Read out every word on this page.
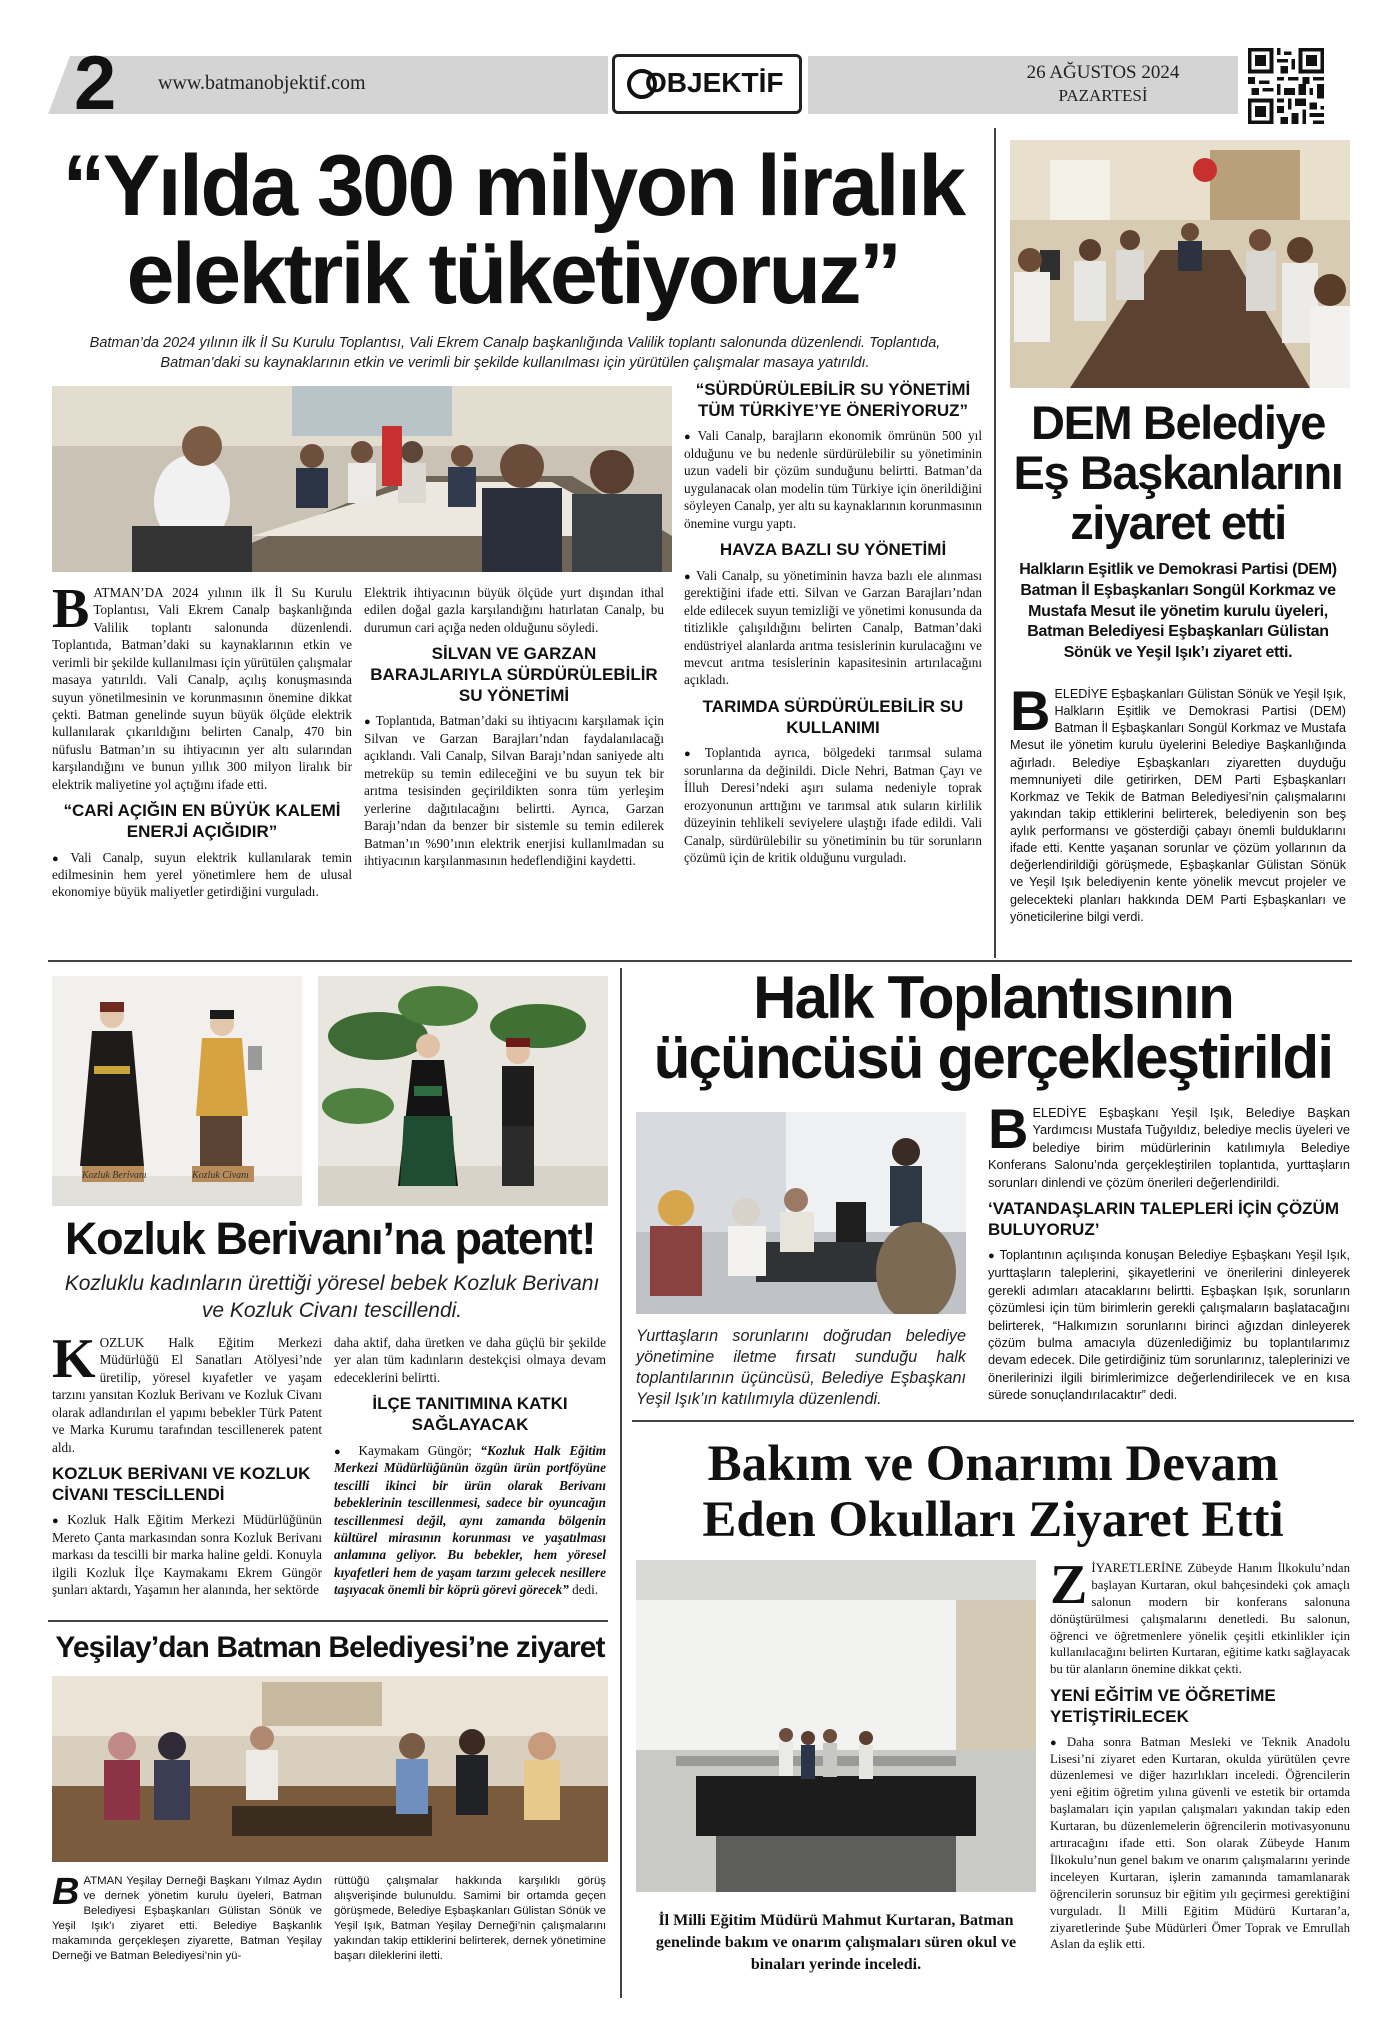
2 www.batmanobjektif.com	OBJEKTİF	26 AĞUSTOS 2024
PAZARTESİ
“Yılda 300 milyon liralık
elektrik tüketiyoruz”
Batman’da 2024 yılının ilk İl Su Kurulu Toplantısı, Vali Ekrem Canalp başkanlığında Valilik toplantı salonunda düzenlendi. Toplantıda, Batman’daki su kaynaklarının etkin ve verimli bir şekilde kullanılması için yürütülen çalışmalar masaya yatırıldı.
BATMAN’DA 2024 yılının ilk İl Su Kurulu Toplantısı, Vali Ekrem Canalp başkanlığında Valilik toplantı salonunda düzenlendi. Toplantıda, Batman’daki su kaynaklarının etkin ve verimli bir şekilde kullanılması için yürütülen çalışmalar masaya yatırıldı. Vali Canalp, açılış konuşmasında suyun yönetilmesinin ve korunmasının önemine dikkat çekti. Batman genelinde suyun büyük ölçüde elektrik kullanılarak çıkarıldığını belirten Canalp, 470 bin nüfuslu Batman’ın su ihtiyacının yer altı sularından karşılandığını ve bunun yıllık 300 milyon liralık bir elektrik maliyetine yol açtığını ifade etti.
“CARİ AÇIĞIN EN BÜYÜK KALEMİ ENERJİ AÇIĞIDIR”
● Vali Canalp, suyun elektrik kullanılarak temin edilmesinin hem yerel yönetimlere hem de ulusal ekonomiye büyük maliyetler getirdiğini vurguladı.
Elektrik ihtiyacının büyük ölçüde yurt dışından ithal edilen doğal gazla karşılandığını hatırlatan Canalp, bu durumun cari açığa neden olduğunu söyledi.
SİLVAN VE GARZAN BARAJLARIYLA SÜRDÜRÜLEBİLİR SU YÖNETİMİ
● Toplantıda, Batman’daki su ihtiyacını karşılamak için Silvan ve Garzan Barajları’ndan faydalanılacağı açıklandı. Vali Canalp, Silvan Barajı’ndan saniyede altı metreküp su temin edileceğini ve bu suyun tek bir arıtma tesisinden geçirildikten sonra tüm yerleşim yerlerine dağıtılacağını belirtti. Ayrıca, Garzan Barajı’ndan da benzer bir sistemle su temin edilerek Batman’ın %90’ının elektrik enerjisi kullanılmadan su ihtiyacının karşılanmasının hedeflendiğini kaydetti.
“SÜRDÜRÜLEBİLİR SU YÖNETİMİ TÜM TÜRKİYE’YE ÖNERİYORUZ”
● Vali Canalp, barajların ekonomik ömrünün 500 yıl olduğunu ve bu nedenle sürdürülebilir su yönetiminin uzun vadeli bir çözüm sunduğunu belirtti. Batman’da uygulanacak olan modelin tüm Türkiye için önerildiğini söyleyen Canalp, yer altı su kaynaklarının korunmasının önemine vurgu yaptı.
HAVZA BAZLI SU YÖNETİMİ
● Vali Canalp, su yönetiminin havza bazlı ele alınması gerektiğini ifade etti. Silvan ve Garzan Barajları’ndan elde edilecek suyun temizliği ve yönetimi konusunda da titizlikle çalışıldığını belirten Canalp, Batman’daki endüstriyel alanlarda arıtma tesislerinin kurulacağını ve mevcut arıtma tesislerinin kapasitesinin artırılacağını açıkladı.
TARIMDA SÜRDÜRÜLEBİLİR SU KULLANIMI
● Toplantıda ayrıca, bölgedeki tarımsal sulama sorunlarına da değinildi. Dicle Nehri, Batman Çayı ve İlluh Deresi’ndeki aşırı sulama nedeniyle toprak erozyonunun arttığını ve tarımsal atık suların kirlilik düzeyinin tehlikeli seviyelere ulaştığı ifade edildi. Vali Canalp, sürdürülebilir su yönetiminin bu tür sorunların çözümü için de kritik olduğunu vurguladı.
DEM Belediye
Eş Başkanlarını
ziyaret etti
Halkların Eşitlik ve Demokrasi Partisi (DEM) Batman İl Eşbaşkanları Songül Korkmaz ve Mustafa Mesut ile yönetim kurulu üyeleri, Batman Belediyesi Eşbaşkanları Gülistan Sönük ve Yeşil Işık’ı ziyaret etti.
BELEDİYE Eşbaşkanları Gülistan Sönük ve Yeşil Işık, Halkların Eşitlik ve Demokrasi Partisi (DEM) Batman İl Eşbaşkanları Songül Korkmaz ve Mustafa Mesut ile yönetim kurulu üyelerini Belediye Başkanlığında ağırladı. Belediye Eşbaşkanları ziyaretten duyduğu memnuniyeti dile getirirken, DEM Parti Eşbaşkanları Korkmaz ve Tekik de Batman Belediyesi’nin çalışmalarını yakından takip ettiklerini belirterek, belediyenin son beş aylık performansı ve gösterdiği çabayı önemli bulduklarını ifade etti. Kentte yaşanan sorunlar ve çözüm yollarının da değerlendirildiği görüşmede, Eşbaşkanlar Gülistan Sönük ve Yeşil Işık belediyenin kente yönelik mevcut projeler ve gelecekteki planları hakkında DEM Parti Eşbaşkanları ve yöneticilerine bilgi verdi.
Kozluk Berivanı	Kozluk Civanı
Kozluk Berivanı’na patent!
Kozluklu kadınların ürettiği yöresel bebek Kozluk Berivanı ve Kozluk Civanı tescillendi.
KOZLUK Halk Eğitim Merkezi Müdürlüğü El Sanatları Atölyesi’nde üretilip, yöresel kıyafetler ve yaşam tarzını yansıtan Kozluk Berivanı ve Kozluk Civanı olarak adlandırılan el yapımı bebekler Türk Patent ve Marka Kurumu tarafından tescillenerek patent aldı.
KOZLUK BERİVANI VE KOZLUK CİVANI TESCİLLENDİ
● Kozluk Halk Eğitim Merkezi Müdürlüğünün Mereto Çanta markasından sonra Kozluk Berivanı markası da tescilli bir marka haline geldi. Konuyla ilgili Kozluk İlçe Kaymakamı Ekrem Güngör şunları aktardı, Yaşamın her alanında, her sektörde
daha aktif, daha üretken ve daha güçlü bir şekilde yer alan tüm kadınların destekçisi olmaya devam edeceklerini belirtti.
İLÇE TANITIMINA KATKI SAĞLAYACAK
● Kaymakam Güngör; “Kozluk Halk Eğitim Merkezi Müdürlüğünün özgün ürün portföyüne tescilli ikinci bir ürün olarak Berivanı bebeklerinin tescillenmesi, sadece bir oyuncağın tescillenmesi değil, aynı zamanda bölgenin kültürel mirasının korunması ve yaşatılması anlamına geliyor. Bu bebekler, hem yöresel kıyafetleri hem de yaşam tarzını gelecek nesillere taşıyacak önemli bir köprü görevi görecek” dedi.
Yeşilay’dan Batman Belediyesi’ne ziyaret
BATMAN Yeşilay Derneği Başkanı Yılmaz Aydın ve dernek yönetim kurulu üyeleri, Batman Belediyesi Eşbaşkanları Gülistan Sönük ve Yeşil Işık’ı ziyaret etti. Belediye Başkanlık makamında gerçekleşen ziyarette, Batman Yeşilay Derneği ve Batman Belediyesi’nin yü-
rüttüğü çalışmalar hakkında karşılıklı görüş alışverişinde bulunuldu. Samimi bir ortamda geçen görüşmede, Belediye Eşbaşkanları Gülistan Sönük ve Yeşil Işık, Batman Yeşilay Derneği’nin çalışmalarını yakından takip ettiklerini belirterek, dernek yönetimine başarı dileklerini iletti.
Halk Toplantısının
üçüncüsü gerçekleştirildi
Yurttaşların sorunlarını doğrudan belediye yönetimine iletme fırsatı sunduğu halk toplantılarının üçüncüsü, Belediye Eşbaşkanı Yeşil Işık’ın katılımıyla düzenlendi.
BELEDİYE Eşbaşkanı Yeşil Işık, Belediye Başkan Yardımcısı Mustafa Tuğyıldız, belediye meclis üyeleri ve belediye birim müdürlerinin katılımıyla Belediye Konferans Salonu’nda gerçekleştirilen toplantıda, yurttaşların sorunları dinlendi ve çözüm önerileri değerlendirildi.
‘VATANDAŞLARIN TALEPLERİ İÇİN ÇÖZÜM BULUYORUZ’
● Toplantının açılışında konuşan Belediye Eşbaşkanı Yeşil Işık, yurttaşların taleplerini, şikayetlerini ve önerilerini dinleyerek gerekli adımları atacaklarını belirtti. Eşbaşkan Işık, sorunların çözümlesi için tüm birimlerin gerekli çalışmaların başlatacağını belirterek, “Halkımızın sorunlarını birinci ağızdan dinleyerek çözüm bulma amacıyla düzenlediğimiz bu toplantılarımız devam edecek. Dile getirdiğiniz tüm sorunlarınız, taleplerinizi ve önerilerinizi ilgili birimlerimizce değerlendirilecek ve en kısa sürede sonuçlandırılacaktır” dedi.
Bakım ve Onarımı Devam
Eden Okulları Ziyaret Etti
İl Milli Eğitim Müdürü Mahmut Kurtaran, Batman genelinde bakım ve onarım çalışmaları süren okul ve binaları yerinde inceledi.
ZİYARETLERİNE Zübeyde Hanım İlkokulu’ndan başlayan Kurtaran, okul bahçesindeki çok amaçlı salonun modern bir konferans salonuna dönüştürülmesi çalışmalarını denetledi. Bu salonun, öğrenci ve öğretmenlere yönelik çeşitli etkinlikler için kullanılacağını belirten Kurtaran, eğitime katkı sağlayacak bu tür alanların önemine dikkat çekti.
YENİ EĞİTİM VE ÖĞRETİME YETİŞTİRİLECEK
● Daha sonra Batman Mesleki ve Teknik Anadolu Lisesi’ni ziyaret eden Kurtaran, okulda yürütülen çevre düzenlemesi ve diğer hazırlıkları inceledi. Öğrencilerin yeni eğitim öğretim yılına güvenli ve estetik bir ortamda başlamaları için yapılan çalışmaları yakından takip eden Kurtaran, bu düzenlemelerin öğrencilerin motivasyonunu artıracağını ifade etti. Son olarak Zübeyde Hanım İlkokulu’nun genel bakım ve onarım çalışmalarını yerinde inceleyen Kurtaran, işlerin zamanında tamamlanarak öğrencilerin sorunsuz bir eğitim yılı geçirmesi gerektiğini vurguladı. İl Milli Eğitim Müdürü Kurtaran’a, ziyaretlerinde Şube Müdürleri Ömer Toprak ve Emrullah Aslan da eşlik etti.
